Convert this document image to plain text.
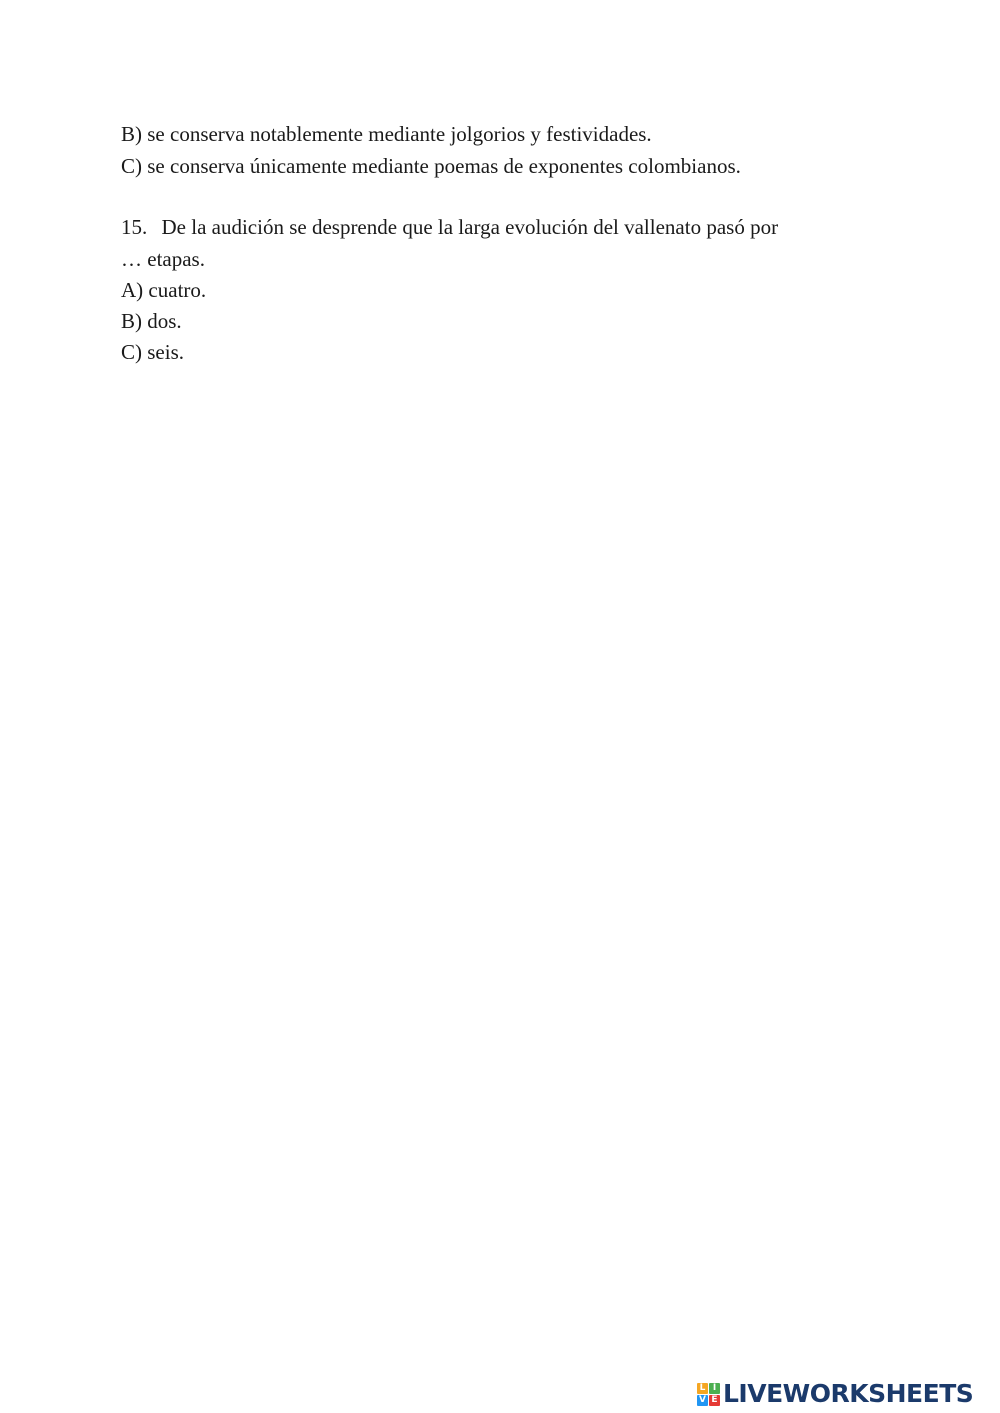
B) se conserva notablemente mediante jolgorios y festividades.

C) se conserva únicamente mediante poemas de exponentes colombianos.

15. De la audición se desprende que la larga evolución del vallenato pasó por

… etapas.

A) cuatro.

B) dos.

C) seis.

L I
V E LIVEWORKSHEETS
